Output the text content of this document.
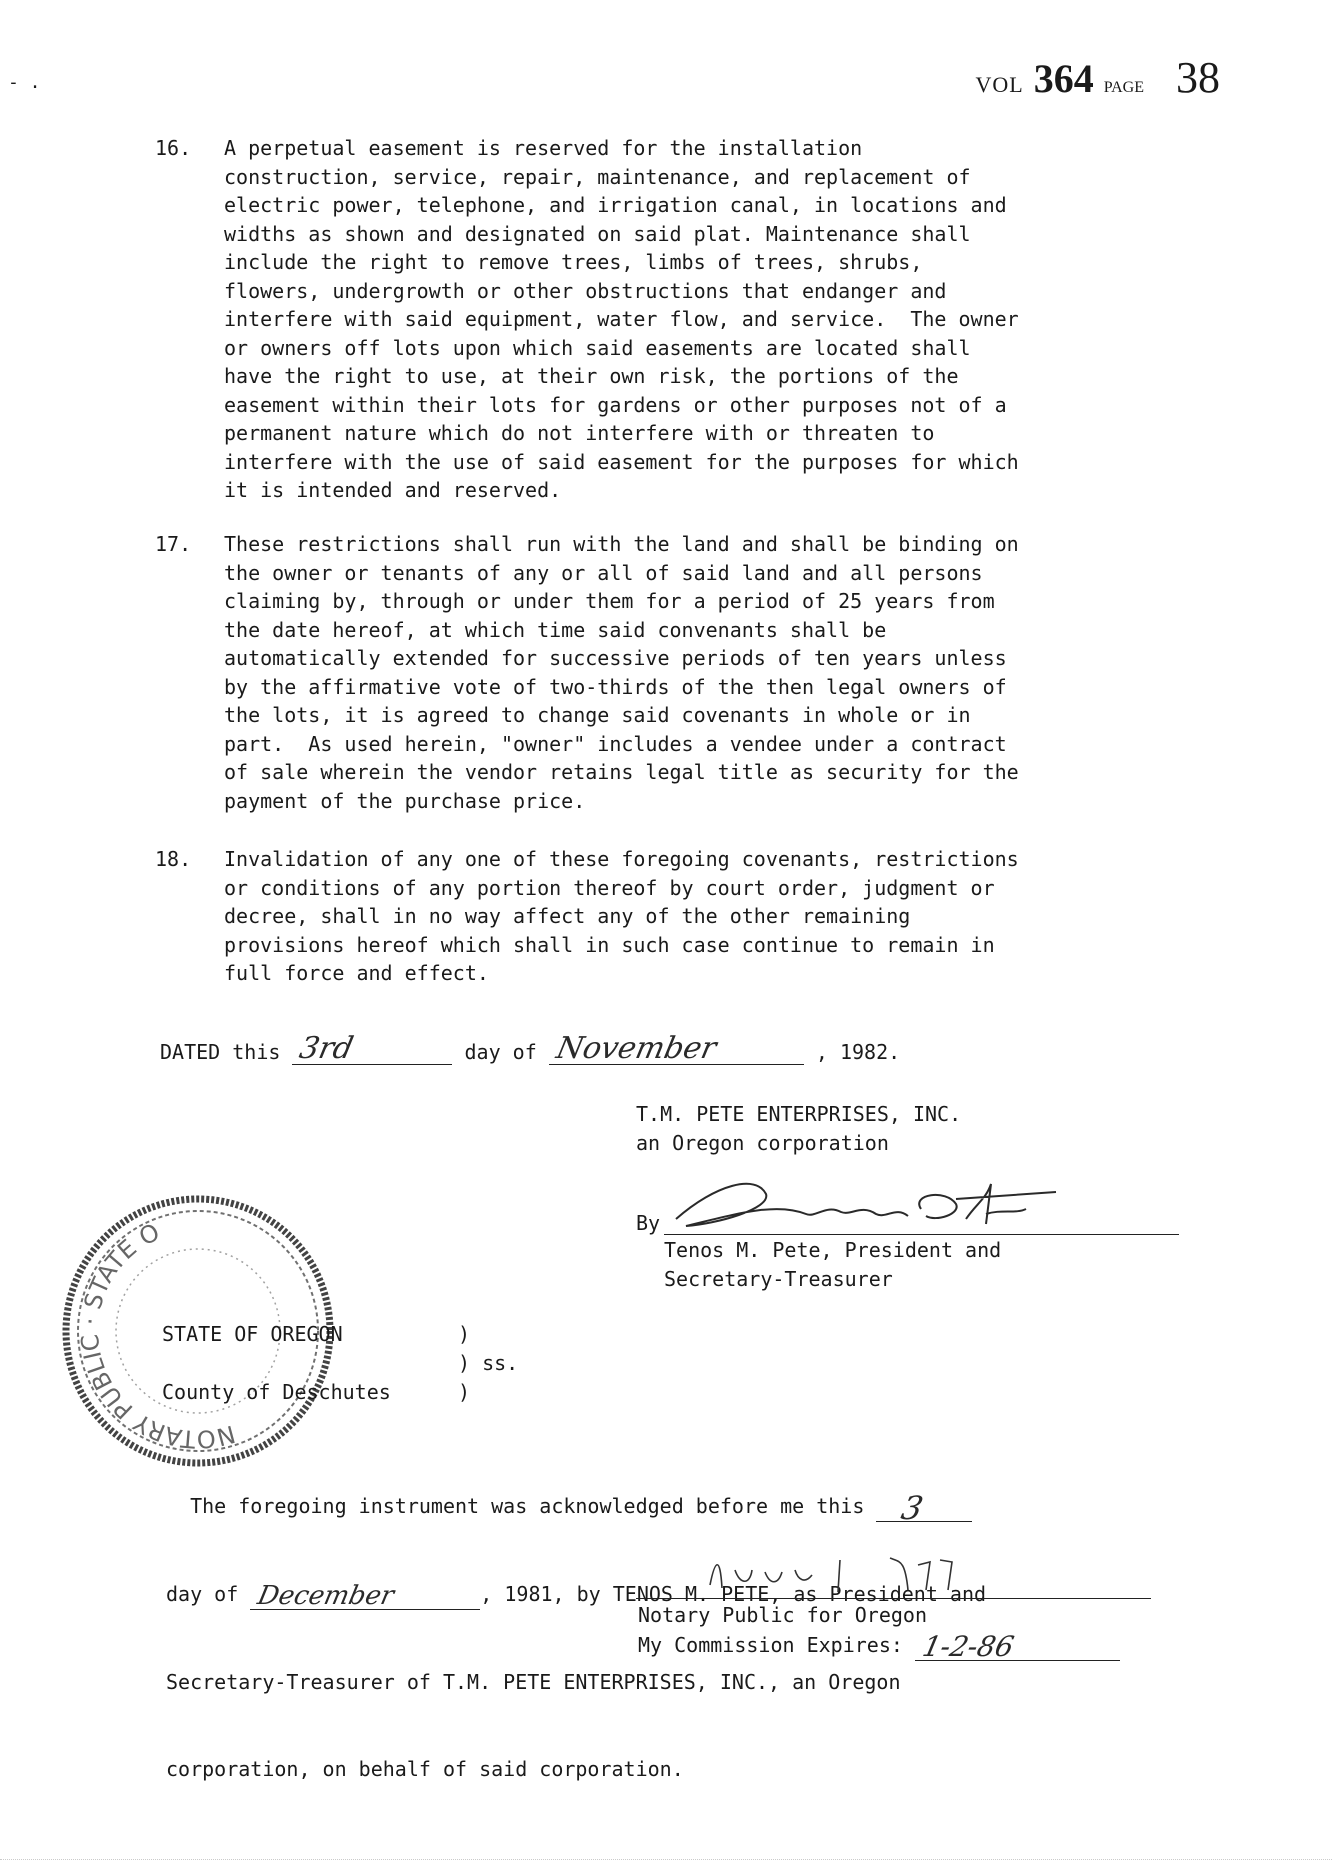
- .	VOL 364 PAGE 38
16.	A perpetual easement is reserved for the installation
construction, service, repair, maintenance, and replacement of
electric power, telephone, and irrigation canal, in locations and
widths as shown and designated on said plat. Maintenance shall
include the right to remove trees, limbs of trees, shrubs,
flowers, undergrowth or other obstructions that endanger and
interfere with said equipment, water flow, and service.  The owner
or owners off lots upon which said easements are located shall
have the right to use, at their own risk, the portions of the
easement within their lots for gardens or other purposes not of a
permanent nature which do not interfere with or threaten to
interfere with the use of said easement for the purposes for which
it is intended and reserved.
17.	These restrictions shall run with the land and shall be binding on
the owner or tenants of any or all of said land and all persons
claiming by, through or under them for a period of 25 years from
the date hereof, at which time said convenants shall be
automatically extended for successive periods of ten years unless
by the affirmative vote of two-thirds of the then legal owners of
the lots, it is agreed to change said covenants in whole or in
part.  As used herein, "owner" includes a vendee under a contract
of sale wherein the vendor retains legal title as security for the
payment of the purchase price.
18.	Invalidation of any one of these foregoing covenants, restrictions
or conditions of any portion thereof by court order, judgment or
decree, shall in no way affect any of the other remaining
provisions hereof which shall in such case continue to remain in
full force and effect.
DATED this 3rd	day of November	, 1982.
T.M. PETE ENTERPRISES, INC.
an Oregon corporation
By
Tenos M. Pete, President and
Secretary-Treasurer
NOTARY PUBLIC · STATE OF
STATE OF OREGON	)

) ss.
County of Deschutes	)

The foregoing instrument was acknowledged before me this 3

day of December	, 1981, by TENOS M. PETE, as President and

Secretary-Treasurer of T.M. PETE ENTERPRISES, INC., an Oregon

corporation, on behalf of said corporation.

Notary Public for Oregon
My Commission Expires: 1-2-86
